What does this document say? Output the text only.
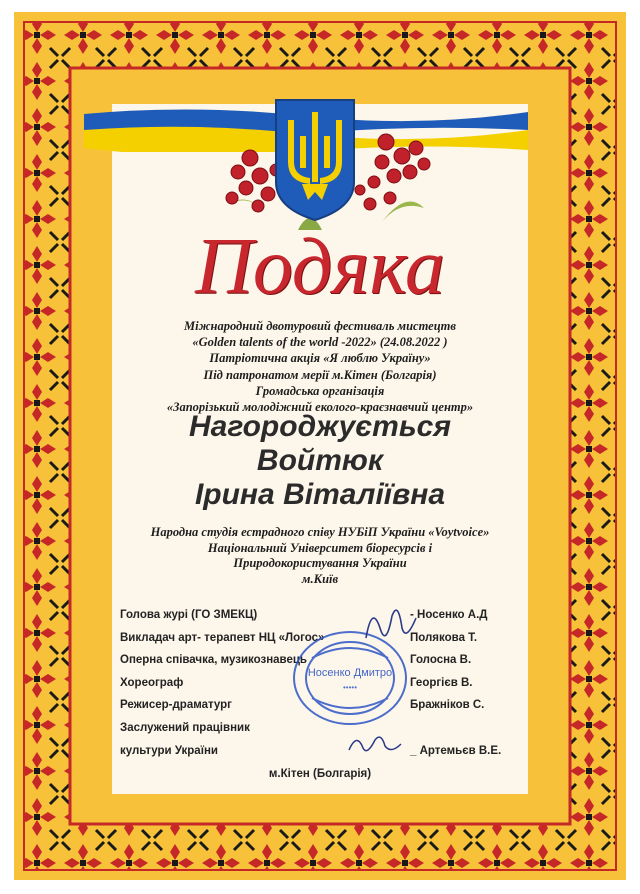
Подяка
Міжнародний двотуровий фестиваль мистецтв
«Golden talents of the world -2022» (24.08.2022 )
Патріотична акція «Я люблю Україну»
Під патронатом мерії м.Кітен (Болгарія)
Громадська організація
«Запорізький молодіжний еколого-краєзнавчий центр»
Нагороджується
Войтюк
Ірина Віталіївна
Народна студія естрадного співу НУБіП України «Voytvoice»
Національний Університет біоресурсів і
Природокористування України
м.Київ
Голова журі (ГО ЗМЕКЦ)	- Носенко А.Д
Викладач арт- терапевт НЦ «Логос»	Полякова Т.
Оперна співачка, музикознавець	Голосна В.
Хореограф	Георгієв В.
Режисер-драматург	Бражніков С.
Заслужений працівник
культури України	_ Артемьєв В.Е.
Носенко Дмитро
•••••
м.Кітен (Болгарія)
